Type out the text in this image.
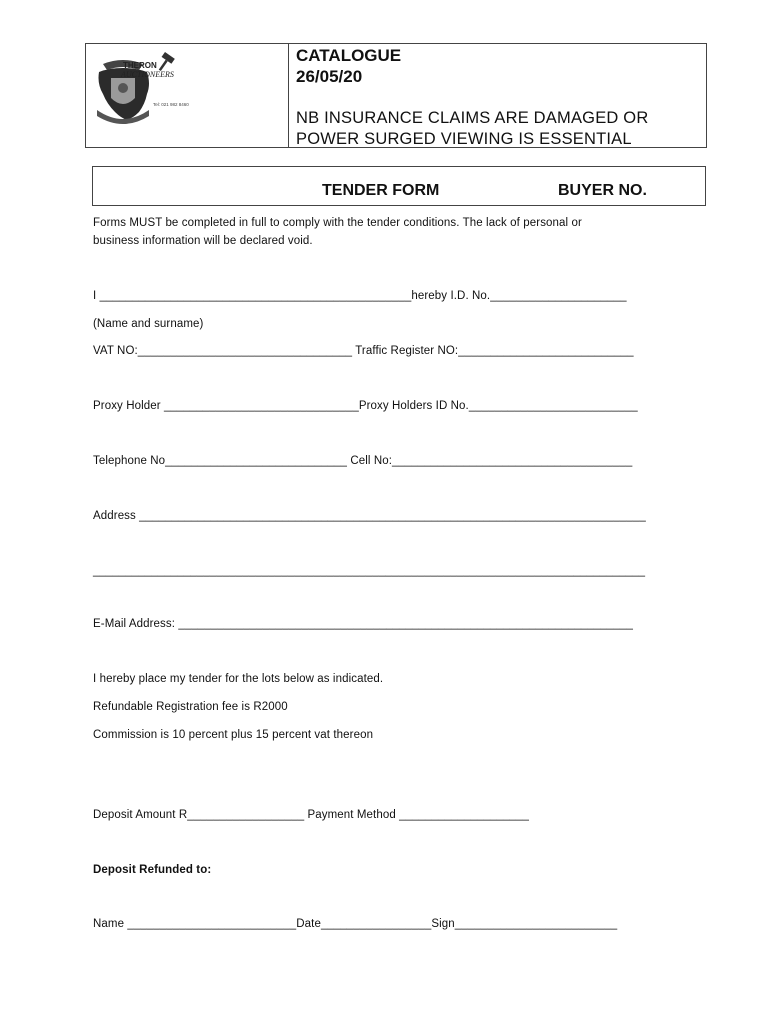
THERON
AUCTIONEERS
Tel: 021 982 8460
CATALOGUE
26/05/20
NB INSURANCE CLAIMS ARE DAMAGED OR
POWER SURGED VIEWING IS ESSENTIAL
TENDER FORM	BUYER NO.
Forms MUST be completed in full to comply with the tender conditions. The lack of personal or
business information will be declared void.
I ________________________________________________hereby I.D. No._____________________
(Name and surname)
VAT NO:_________________________________ Traffic Register NO:___________________________
Proxy Holder ______________________________Proxy Holders ID No.__________________________
Telephone No____________________________ Cell No:_____________________________________
Address ______________________________________________________________________________
_____________________________________________________________________________________
E-Mail Address: ______________________________________________________________________
I hereby place my tender for the lots below as indicated.
Refundable Registration fee is R2000
Commission is 10 percent plus 15 percent vat thereon
Deposit Amount R__________________ Payment Method ____________________
Deposit Refunded to:
Name __________________________Date_________________Sign_________________________
